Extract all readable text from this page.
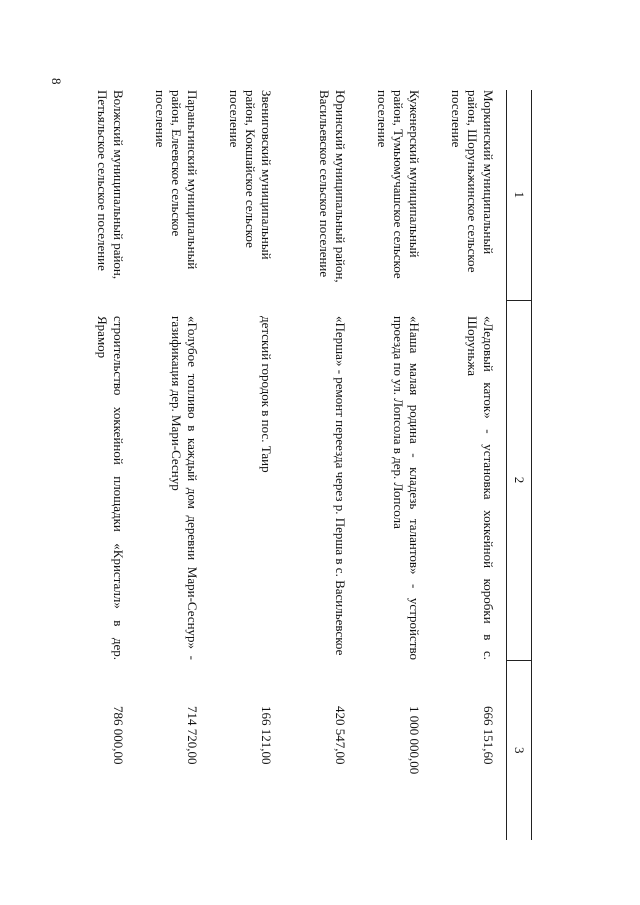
8
1	2	3

Моркинский муниципальный район, Шоруньжинское сельское поселение	«Ледовый каток» - установка хоккейной коробки в с. Шоруньжа	666 151,60

Куженерский муниципальный район, Тумьюмучашское сельское поселение	«Наша малая родина - кладезь талантов» - устройство проезда по ул. Лопсола в дер. Лопсола	1 000 000,00

Юринский муниципальный район, Васильевское сельское поселение	«Перша» - ремонт переезда через р. Перша в с. Васильевское	420 547,00

Звениговский муниципальный район, Кокшайское сельское поселение	детский городок в пос. Таир	166 121,00

Параньгинский муниципальный район, Елеевское сельское поселение	«Голубое топливо в каждый дом деревни Мари-Сеснур» - газификация дер. Мари-Сеснур	714 720,00

Волжский муниципальный район, Петьяльское сельское поселение	строительство хоккейной площадки «Кристалл» в дер. Ярамор	786 000,00
